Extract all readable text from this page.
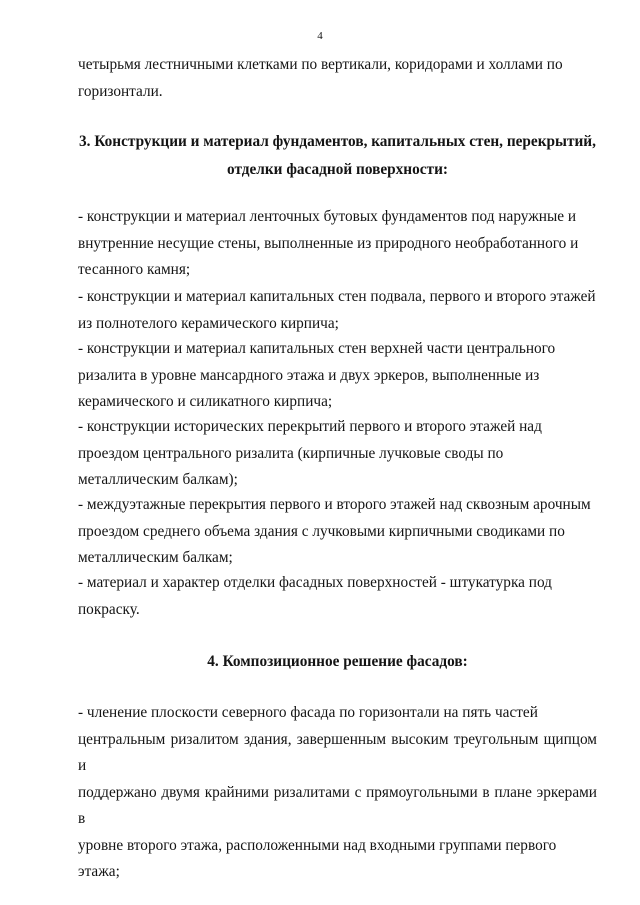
4

четырьмя лестничными клетками по вертикали, коридорами и холлами по
горизонтали.

3. Конструкции и материал фундаментов, капитальных стен, перекрытий,
отделки фасадной поверхности:

- конструкции и материал ленточных бутовых фундаментов под наружные и
внутренние несущие стены, выполненные из природного необработанного и
тесанного камня;

- конструкции и материал капитальных стен подвала, первого и второго этажей
из полнотелого керамического кирпича;

- конструкции и материал капитальных стен верхней части центрального
ризалита в уровне мансардного этажа и двух эркеров, выполненные из
керамического и силикатного кирпича;

- конструкции исторических перекрытий первого и второго этажей над
проездом центрального ризалита (кирпичные лучковые своды по
металлическим балкам);

- междуэтажные перекрытия первого и второго этажей над сквозным арочным
проездом среднего объема здания с лучковыми кирпичными сводиками по
металлическим балкам;

- материал и характер отделки фасадных поверхностей - штукатурка под
покраску.

4. Композиционное решение фасадов:

- членение плоскости северного фасада по горизонтали на пять частей
центральным ризалитом здания, завершенным высоким треугольным щипцом и
поддержано двумя крайними ризалитами с прямоугольными в плане эркерами в
уровне второго этажа, расположенными над входными группами первого
этажа;
